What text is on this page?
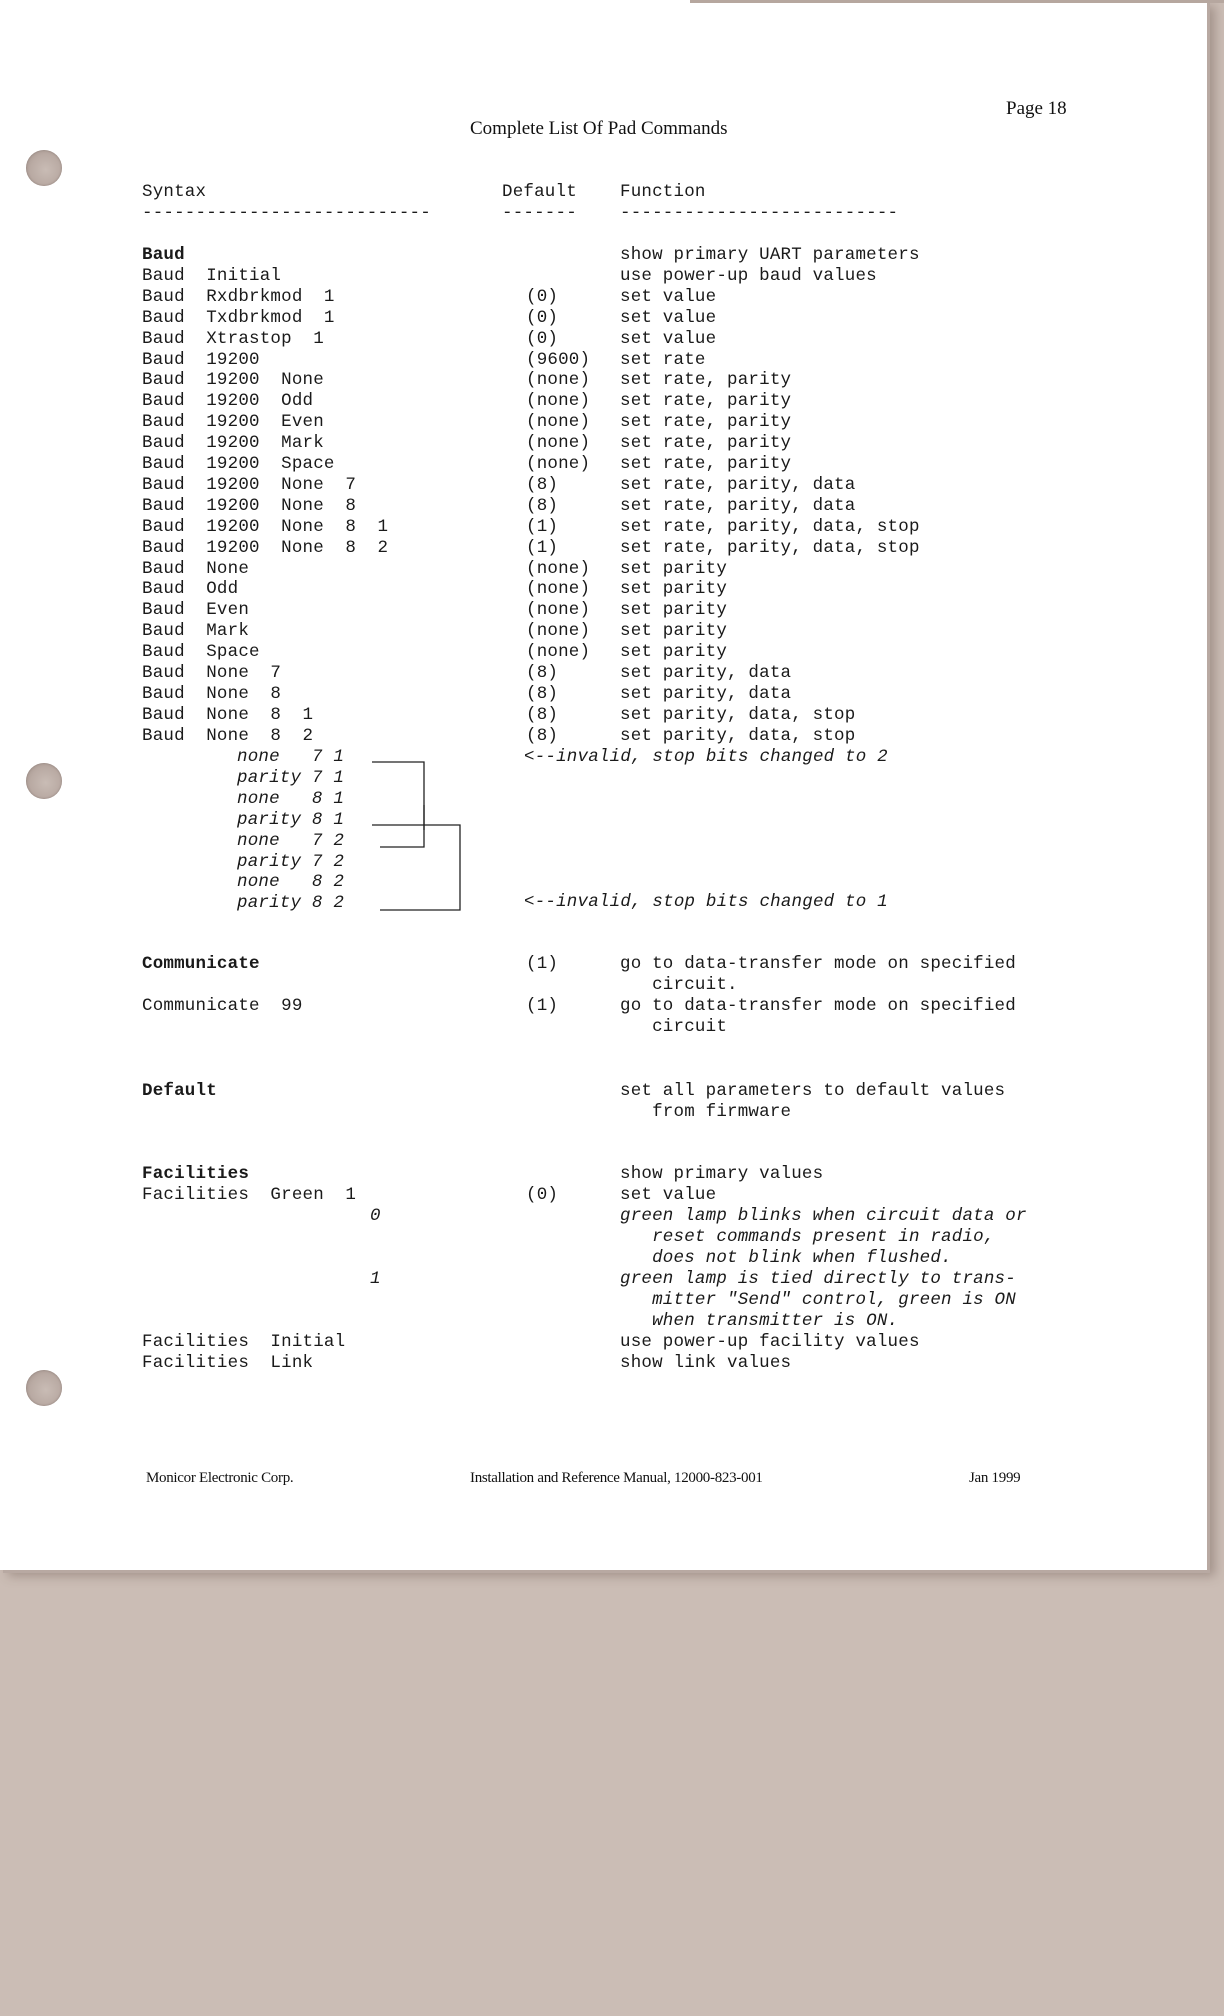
Page 18
Complete List Of Pad Commands
Syntax	Default Function
---------------------------	------- --------------------------
Baud	show primary UART parameters
Baud  Initial	use power-up baud values
Baud  Rxdbrkmod  1	(0)	set value
Baud  Txdbrkmod  1	(0)	set value
Baud  Xtrastop  1	(0)	set value
Baud  19200	(9600) set rate
Baud  19200  None	(none) set rate, parity
Baud  19200  Odd	(none) set rate, parity
Baud  19200  Even	(none) set rate, parity
Baud  19200  Mark	(none) set rate, parity
Baud  19200  Space	(none) set rate, parity
Baud  19200  None  7	(8)	set rate, parity, data
Baud  19200  None  8	(8)	set rate, parity, data
Baud  19200  None  8  1	(1)	set rate, parity, data, stop
Baud  19200  None  8  2	(1)	set rate, parity, data, stop
Baud  None	(none) set parity
Baud  Odd	(none) set parity
Baud  Even	(none) set parity
Baud  Mark	(none) set parity
Baud  Space	(none) set parity
Baud  None  7	(8)	set parity, data
Baud  None  8	(8)	set parity, data
Baud  None  8  1	(8)	set parity, data, stop
Baud  None  8  2	(8)	set parity, data, stop
none   7 1
parity 7 1
none   8 1
parity 8 1
none   7 2
parity 7 2
none   8 2
parity 8 2
<--invalid, stop bits changed to 2
<--invalid, stop bits changed to 1
Communicate	(1)	go to data-transfer mode on specified
circuit.
Communicate  99	(1)	go to data-transfer mode on specified
circuit
Default	set all parameters to default values
from firmware
Facilities	show primary values
Facilities  Green  1	(0)	set value
0	green lamp blinks when circuit data or
reset commands present in radio,
does not blink when flushed.
1	green lamp is tied directly to trans-
mitter "Send" control, green is ON
when transmitter is ON.
Facilities  Initial	use power-up facility values
Facilities  Link	show link values
Monicor Electronic Corp.	Installation and Reference Manual, 12000-823-001	Jan 1999
